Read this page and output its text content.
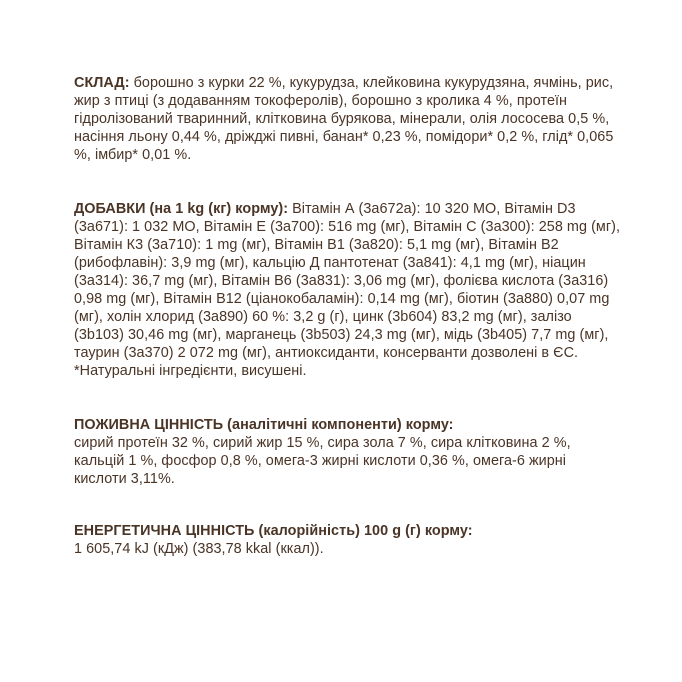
СКЛАД: борошно з курки 22 %, кукурудза, клейковина кукурудзяна, ячмінь, рис, жир з птиці (з додаванням токоферолів), борошно з кролика 4 %, протеїн гідролізований тваринний, клітковина бурякова, мінерали, олія лососева 0,5 %, насіння льону 0,44 %, дріжджі пивні, банан* 0,23 %, помідори* 0,2 %, глід* 0,065 %, імбир* 0,01 %.

ДОБАВКИ (на 1 kg (кг) корму): Вітамін А (3а672а): 10 320 МО, Вітамін D3 (3а671): 1 032 МО, Вітамін Е (3а700): 516 mg (мг), Вітамін С (3а300): 258 mg (мг), Вітамін К3 (3а710): 1 mg (мг), Вітамін В1 (3а820): 5,1 mg (мг), Вітамін В2 (рибофлавін): 3,9 mg (мг), кальцію Д пантотенат (3а841): 4,1 mg (мг), ніацин (3а314): 36,7 mg (мг), Вітамін В6 (3а831): 3,06 mg (мг), фолієва кислота (3а316) 0,98 mg (мг), Вітамін В12 (ціанокобаламін): 0,14 mg (мг), біотин (3а880) 0,07 mg (мг), холін хлорид (3а890) 60 %: 3,2 g (г), цинк (3b604) 83,2 mg (мг), залізо (3b103) 30,46 mg (мг), марганець (3b503) 24,3 mg (мг), мідь (3b405) 7,7 mg (мг), таурин (3а370) 2 072 mg (мг), антиоксиданти, консерванти дозволені в ЄС. *Натуральні інгредієнти, висушені.

ПОЖИВНА ЦІННІСТЬ (аналітичні компоненти) корму:
сирий протеїн 32 %, сирий жир 15 %, сира зола 7 %, сира клітковина 2 %, кальцій 1 %, фосфор 0,8 %, омега-3 жирні кислоти 0,36 %, омега-6 жирні кислоти 3,11%.

ЕНЕРГЕТИЧНА ЦІННІСТЬ (калорійність) 100 g (г) корму:
1 605,74 kJ (кДж) (383,78 kkal (ккал)).
